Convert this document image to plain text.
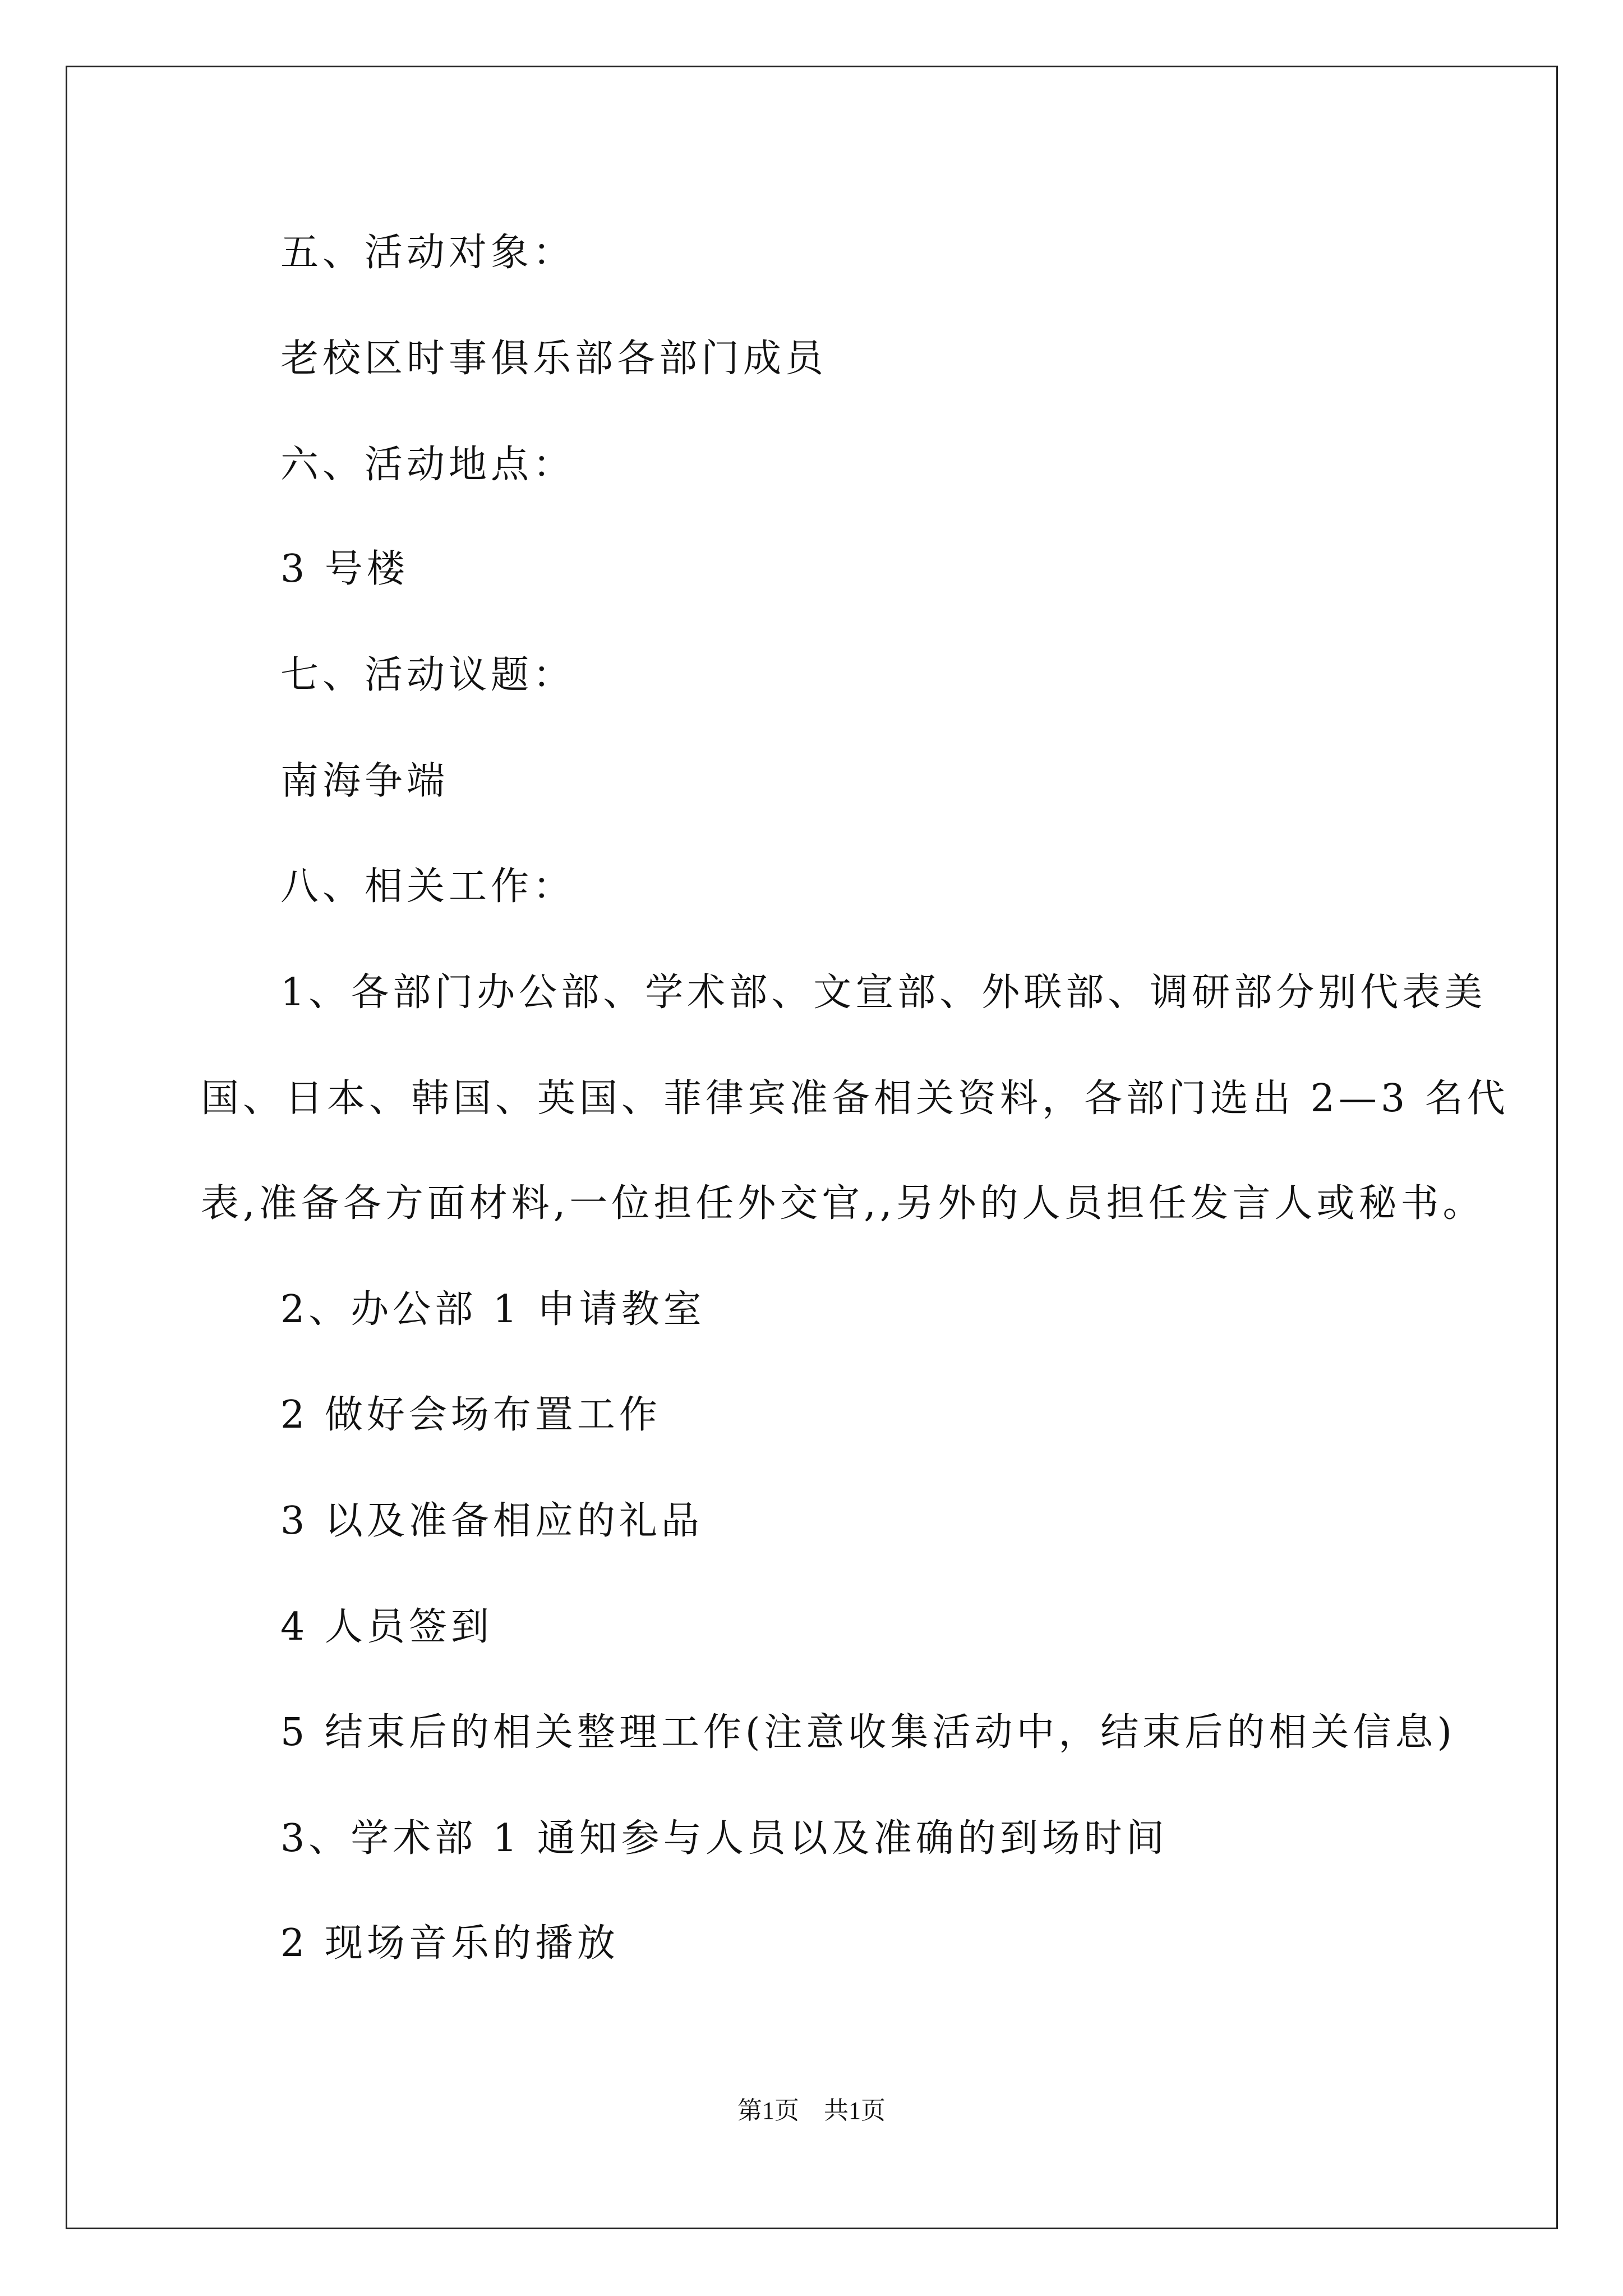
五、活动对象：
老校区时事俱乐部各部门成员
六、活动地点：
3 号楼
七、活动议题：
南海争端
八、相关工作：
1、各部门办公部、学术部、文宣部、外联部、调研部分别代表美
国、日本、韩国、英国、菲律宾准备相关资料，各部门选出 2—3 名代
表,准备各方面材料,一位担任外交官,,另外的人员担任发言人或秘书。
2、办公部 1 申请教室
2 做好会场布置工作
3 以及准备相应的礼品
4 人员签到
5 结束后的相关整理工作(注意收集活动中，结束后的相关信息)
3、学术部 1 通知参与人员以及准确的到场时间
2 现场音乐的播放
第1页　共1页
